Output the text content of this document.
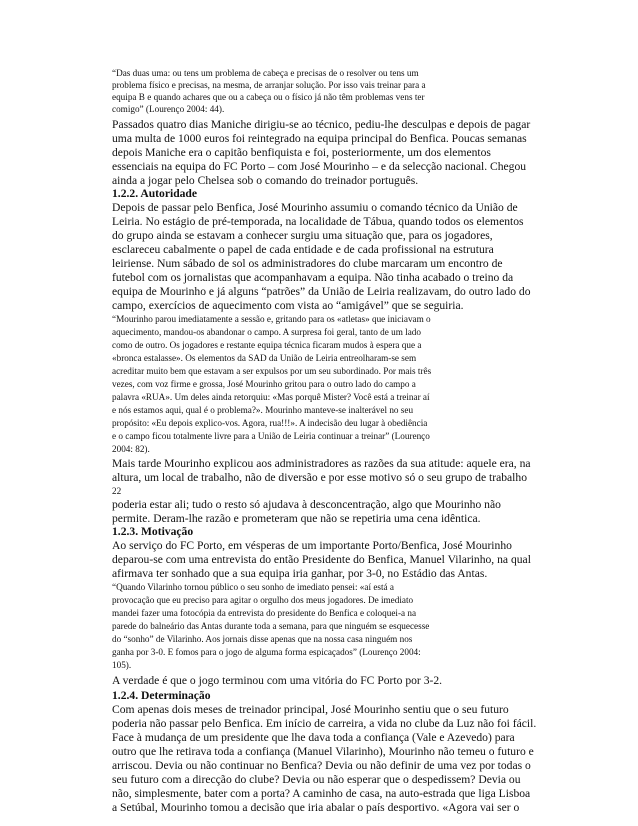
“Das duas uma: ou tens um problema de cabeça e precisas de o resolver ou tens um
problema físico e precisas, na mesma, de arranjar solução. Por isso vais treinar para a
equipa B e quando achares que ou a cabeça ou o físico já não têm problemas vens ter
comigo” (Lourenço 2004: 44).
Passados quatro dias Maniche dirigiu-se ao técnico, pediu-lhe desculpas e depois de pagar
uma multa de 1000 euros foi reintegrado na equipa principal do Benfica. Poucas semanas
depois Maniche era o capitão benfiquista e foi, posteriormente, um dos elementos
essenciais na equipa do FC Porto – com José Mourinho – e da selecção nacional. Chegou
ainda a jogar pelo Chelsea sob o comando do treinador português.
1.2.2. Autoridade
Depois de passar pelo Benfica, José Mourinho assumiu o comando técnico da União de
Leiria. No estágio de pré-temporada, na localidade de Tábua, quando todos os elementos
do grupo ainda se estavam a conhecer surgiu uma situação que, para os jogadores,
esclareceu cabalmente o papel de cada entidade e de cada profissional na estrutura
leiriense. Num sábado de sol os administradores do clube marcaram um encontro de
futebol com os jornalistas que acompanhavam a equipa. Não tinha acabado o treino da
equipa de Mourinho e já alguns “patrões” da União de Leiria realizavam, do outro lado do
campo, exercícios de aquecimento com vista ao “amigável” que se seguiria.
“Mourinho parou imediatamente a sessão e, gritando para os «atletas» que iniciavam o
aquecimento, mandou-os abandonar o campo. A surpresa foi geral, tanto de um lado
como de outro. Os jogadores e restante equipa técnica ficaram mudos à espera que a
«bronca estalasse». Os elementos da SAD da União de Leiria entreolharam-se sem
acreditar muito bem que estavam a ser expulsos por um seu subordinado. Por mais três
vezes, com voz firme e grossa, José Mourinho gritou para o outro lado do campo a
palavra «RUA». Um deles ainda retorquiu: «Mas porquê Mister? Você está a treinar aí
e nós estamos aqui, qual é o problema?». Mourinho manteve-se inalterável no seu
propósito: «Eu depois explico-vos. Agora, rua!!!». A indecisão deu lugar à obediência
e o campo ficou totalmente livre para a União de Leiria continuar a treinar” (Lourenço
2004: 82).
Mais tarde Mourinho explicou aos administradores as razões da sua atitude: aquele era, na
altura, um local de trabalho, não de diversão e por esse motivo só o seu grupo de trabalho
22
poderia estar ali; tudo o resto só ajudava à desconcentração, algo que Mourinho não
permite. Deram-lhe razão e prometeram que não se repetiria uma cena idêntica.
1.2.3. Motivação
Ao serviço do FC Porto, em vésperas de um importante Porto/Benfica, José Mourinho
deparou-se com uma entrevista do então Presidente do Benfica, Manuel Vilarinho, na qual
afirmava ter sonhado que a sua equipa iria ganhar, por 3-0, no Estádio das Antas.
“Quando Vilarinho tornou público o seu sonho de imediato pensei: «aí está a
provocação que eu preciso para agitar o orgulho dos meus jogadores. De imediato
mandei fazer uma fotocópia da entrevista do presidente do Benfica e coloquei-a na
parede do balneário das Antas durante toda a semana, para que ninguém se esquecesse
do “sonho” de Vilarinho. Aos jornais disse apenas que na nossa casa ninguém nos
ganha por 3-0. E fomos para o jogo de alguma forma espicaçados” (Lourenço 2004:
105).
A verdade é que o jogo terminou com uma vitória do FC Porto por 3-2.
1.2.4. Determinação
Com apenas dois meses de treinador principal, José Mourinho sentiu que o seu futuro
poderia não passar pelo Benfica. Em início de carreira, a vida no clube da Luz não foi fácil.
Face à mudança de um presidente que lhe dava toda a confiança (Vale e Azevedo) para
outro que lhe retirava toda a confiança (Manuel Vilarinho), Mourinho não temeu o futuro e
arriscou. Devia ou não continuar no Benfica? Devia ou não definir de uma vez por todas o
seu futuro com a direcção do clube? Devia ou não esperar que o despedissem? Devia ou
não, simplesmente, bater com a porta? A caminho de casa, na auto-estrada que liga Lisboa
a Setúbal, Mourinho tomou a decisão que iria abalar o país desportivo. «Agora vai ser o
